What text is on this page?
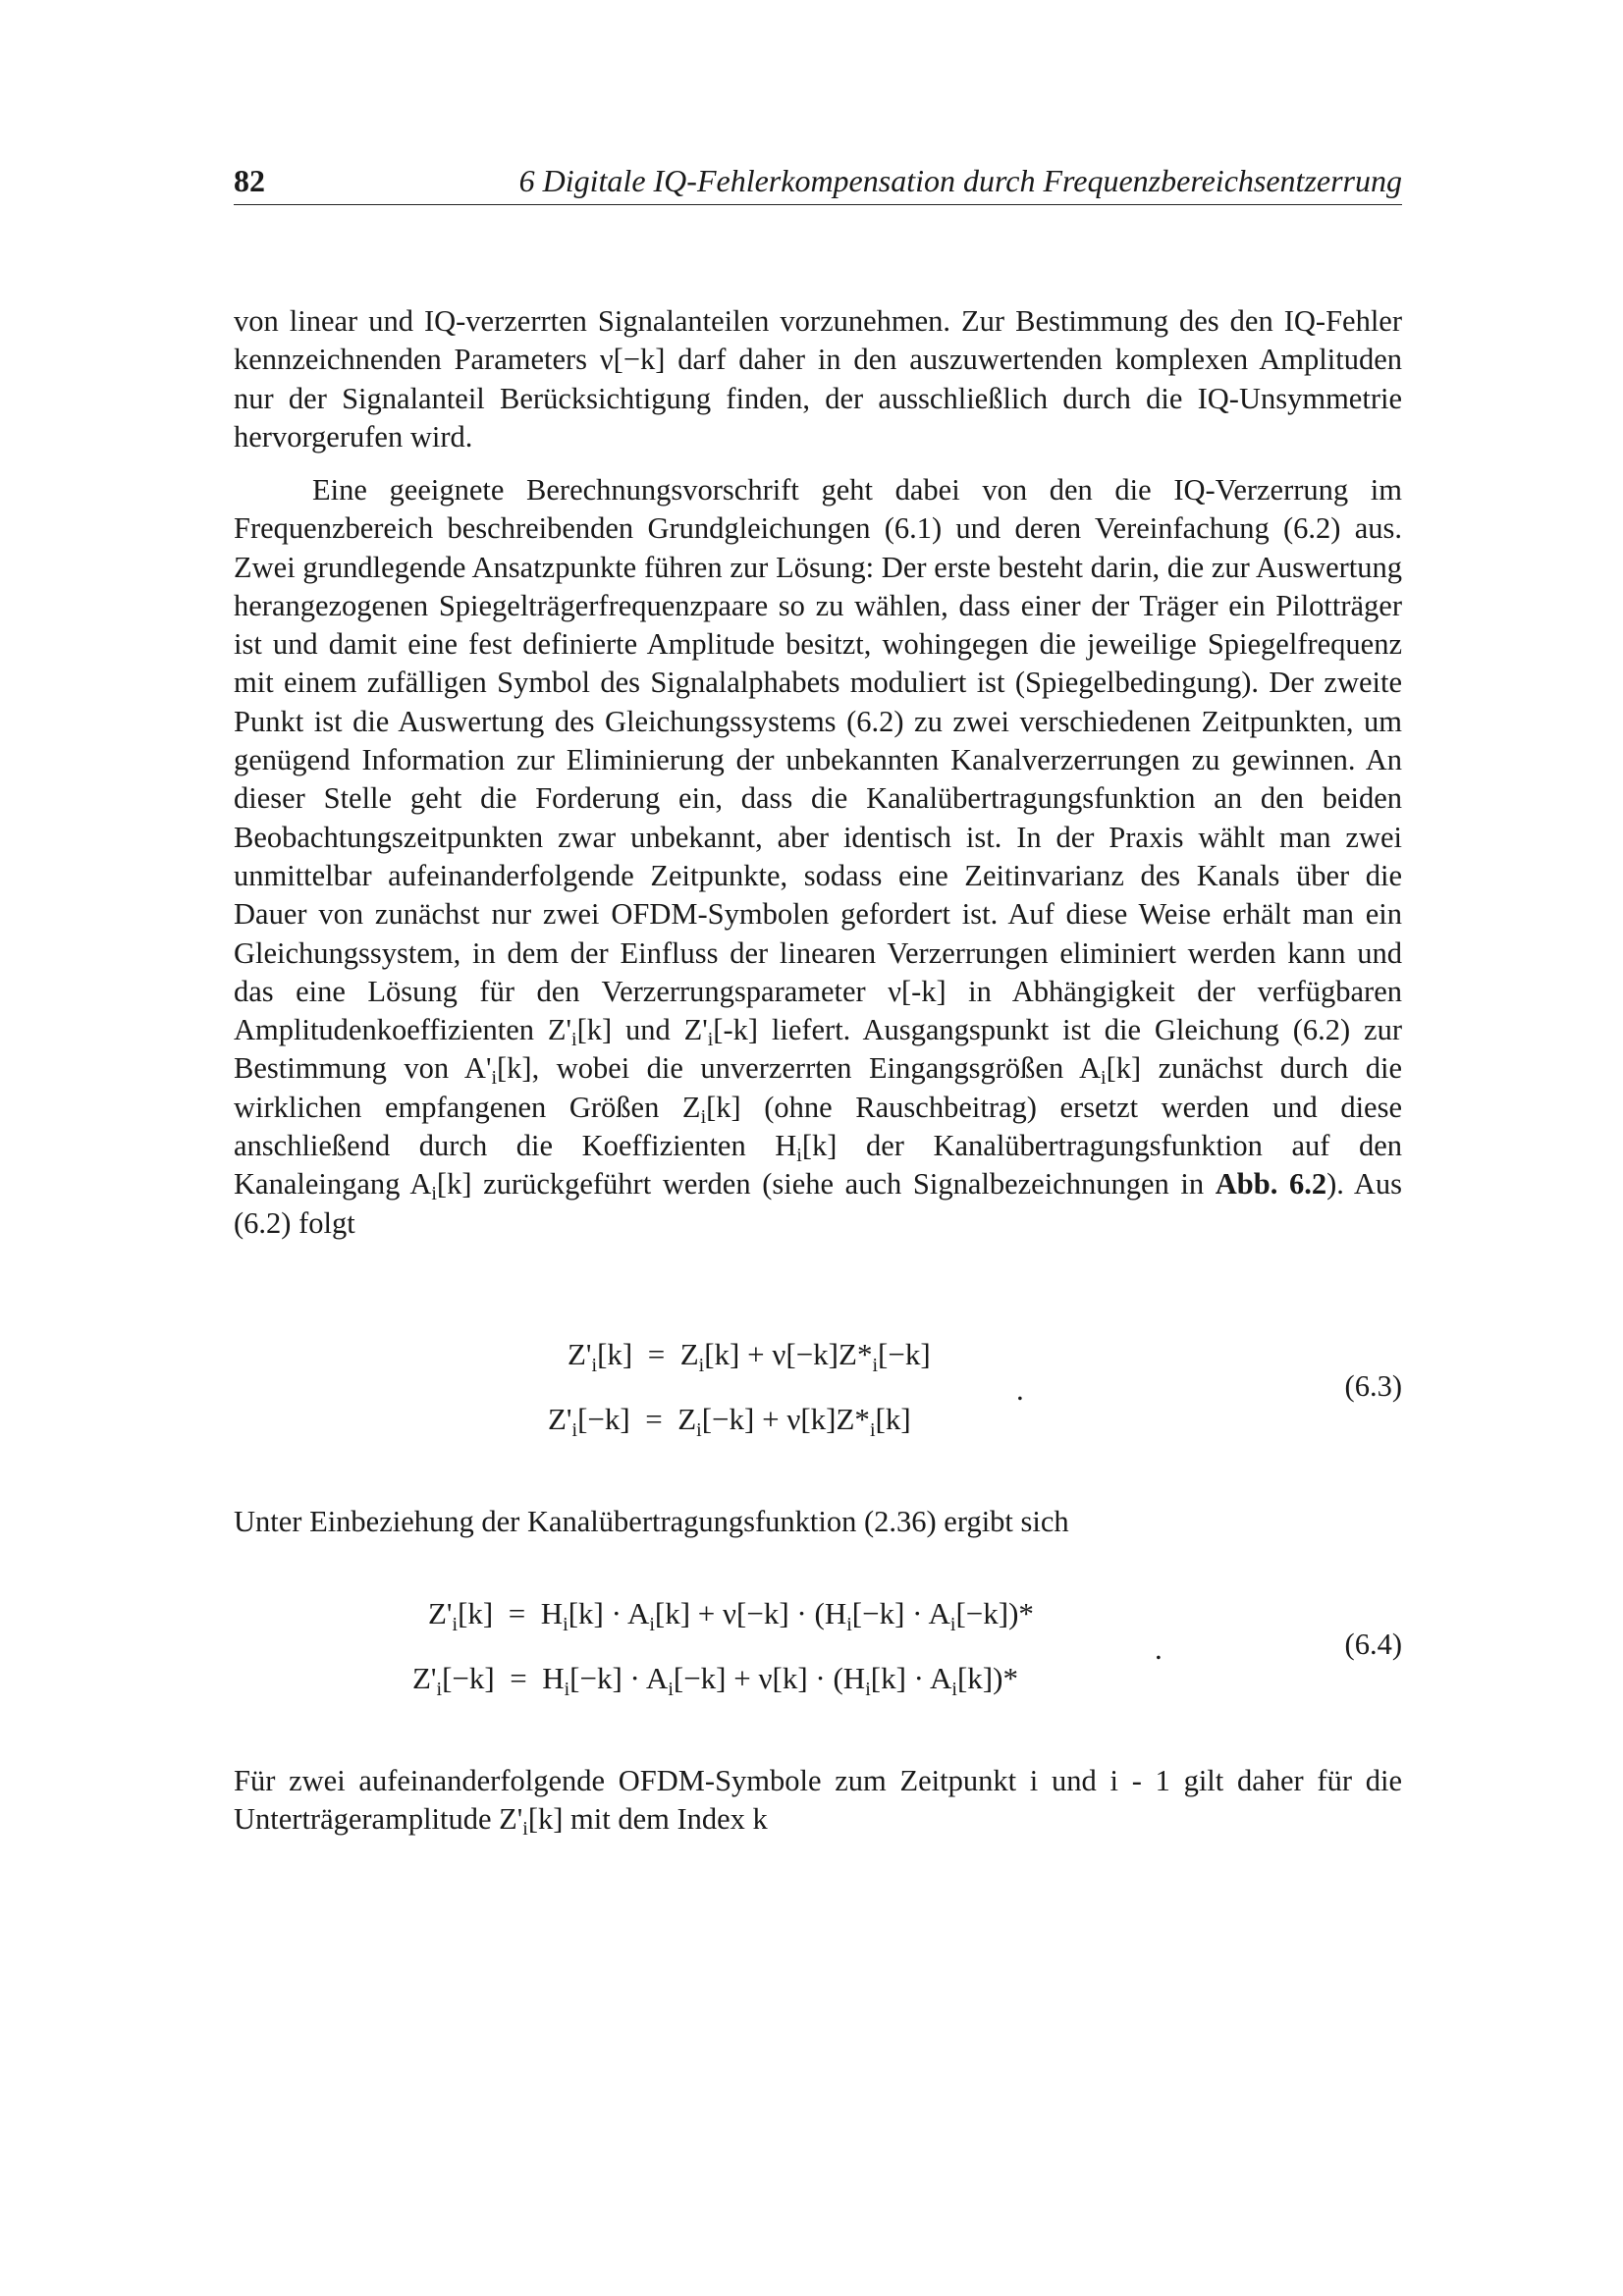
82	6 Digitale IQ-Fehlerkompensation durch Frequenzbereichsentzerrung

von linear und IQ-verzerrten Signalanteilen vorzunehmen. Zur Bestimmung des den IQ-Fehler kennzeichnenden Parameters ν[−k] darf daher in den auszuwertenden komplexen Amplituden nur der Signalanteil Berücksichtigung finden, der ausschließlich durch die IQ-Unsymmetrie hervorgerufen wird.

Eine geeignete Berechnungsvorschrift geht dabei von den die IQ-Verzerrung im Frequenzbereich beschreibenden Grundgleichungen (6.1) und deren Vereinfachung (6.2) aus. Zwei grundlegende Ansatzpunkte führen zur Lösung: Der erste besteht darin, die zur Auswertung herangezogenen Spiegelträgerfrequenzpaare so zu wählen, dass einer der Träger ein Pilotträger ist und damit eine fest definierte Amplitude besitzt, wohingegen die jeweilige Spiegelfrequenz mit einem zufälligen Symbol des Signalalphabets moduliert ist (Spiegelbedingung). Der zweite Punkt ist die Auswertung des Gleichungssystems (6.2) zu zwei verschiedenen Zeitpunkten, um genügend Information zur Eliminierung der unbekannten Kanalverzerrungen zu gewinnen. An dieser Stelle geht die Forderung ein, dass die Kanalübertragungsfunktion an den beiden Beobachtungszeitpunkten zwar unbekannt, aber identisch ist. In der Praxis wählt man zwei unmittelbar aufeinanderfolgende Zeitpunkte, sodass eine Zeitinvarianz des Kanals über die Dauer von zunächst nur zwei OFDM-Symbolen gefordert ist. Auf diese Weise erhält man ein Gleichungssystem, in dem der Einfluss der linearen Verzerrungen eliminiert werden kann und das eine Lösung für den Verzerrungsparameter ν[-k] in Abhängigkeit der verfügbaren Amplitudenkoeffizienten $Z'_i[k]$ und $Z'_i[-k]$ liefert. Ausgangspunkt ist die Gleichung (6.2) zur Bestimmung von $A'_i[k]$, wobei die unverzerrten Eingangsgrößen $A_i[k]$ zunächst durch die wirklichen empfangenen Größen $Z_i[k]$ (ohne Rauschbeitrag) ersetzt werden und diese anschließend durch die Koeffizienten $H_i[k]$ der Kanalübertragungsfunktion auf den Kanaleingang $A_i[k]$ zurückgeführt werden (siehe auch Signalbezeichnungen in Abb. 6.2). Aus (6.2) folgt

$Z'_i[k] = Z_i[k] + \nu[-k]Z*_i[-k]$
$Z'_i[-k] = Z_i[-k] + \nu[k]Z*_i[k]$
.	(6.3)

Unter Einbeziehung der Kanalübertragungsfunktion (2.36) ergibt sich

$Z'_i[k] = H_i[k] \cdot A_i[k] + \nu[-k] \cdot (H_i[-k] \cdot A_i[-k])*$
$Z'_i[-k] = H_i[-k] \cdot A_i[-k] + \nu[k] \cdot (H_i[k] \cdot A_i[k])*$
.	(6.4)

Für zwei aufeinanderfolgende OFDM-Symbole zum Zeitpunkt i und i - 1 gilt daher für die Unterträgeramplitude $Z'_i[k]$ mit dem Index k
